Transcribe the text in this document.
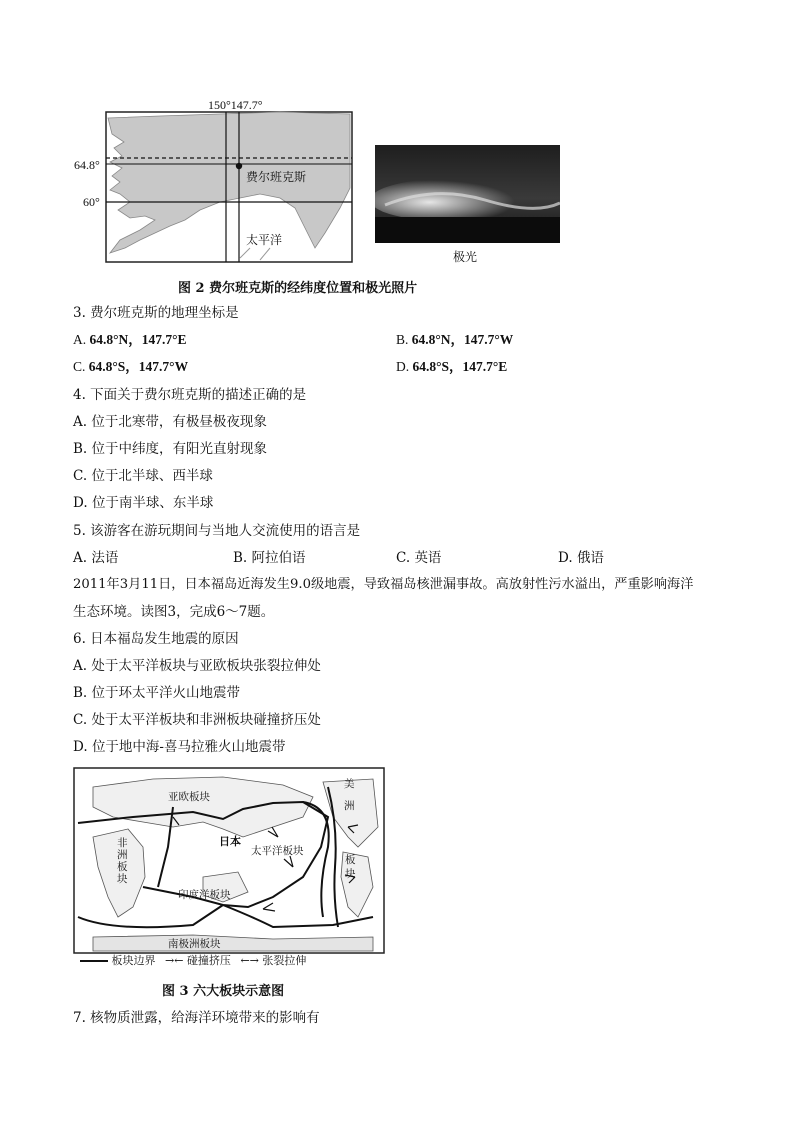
150°147.7°
费尔班克斯
太平洋
64.8°
60°
极光
图 2 费尔班克斯的经纬度位置和极光照片
3. 费尔班克斯的地理坐标是
A. 64.8°N，147.7°E	B. 64.8°N，147.7°W
C. 64.8°S，147.7°W	D. 64.8°S，147.7°E
4. 下面关于费尔班克斯的描述正确的是
A. 位于北寒带，有极昼极夜现象
B. 位于中纬度，有阳光直射现象
C. 位于北半球、西半球
D. 位于南半球、东半球
5. 该游客在游玩期间与当地人交流使用的语言是
A. 法语	B. 阿拉伯语	C. 英语	D. 俄语
2011年3月11日，日本福岛近海发生9.0级地震，导致福岛核泄漏事故。高放射性污水溢出，严重影响海洋
生态环境。读图3，完成6～7题。
6. 日本福岛发生地震的原因
A. 处于太平洋板块与亚欧板块张裂拉伸处
B. 位于环太平洋火山地震带
C. 处于太平洋板块和非洲板块碰撞挤压处
D. 位于地中海-喜马拉雅火山地震带
亚欧板块
非
洲
板
块
日本
太平洋板块
美
洲
板
块
印度洋板块
南极洲板块
板块边界 →← 碰撞挤压 ←→ 张裂拉伸
图 3 六大板块示意图
7. 核物质泄露，给海洋环境带来的影响有
